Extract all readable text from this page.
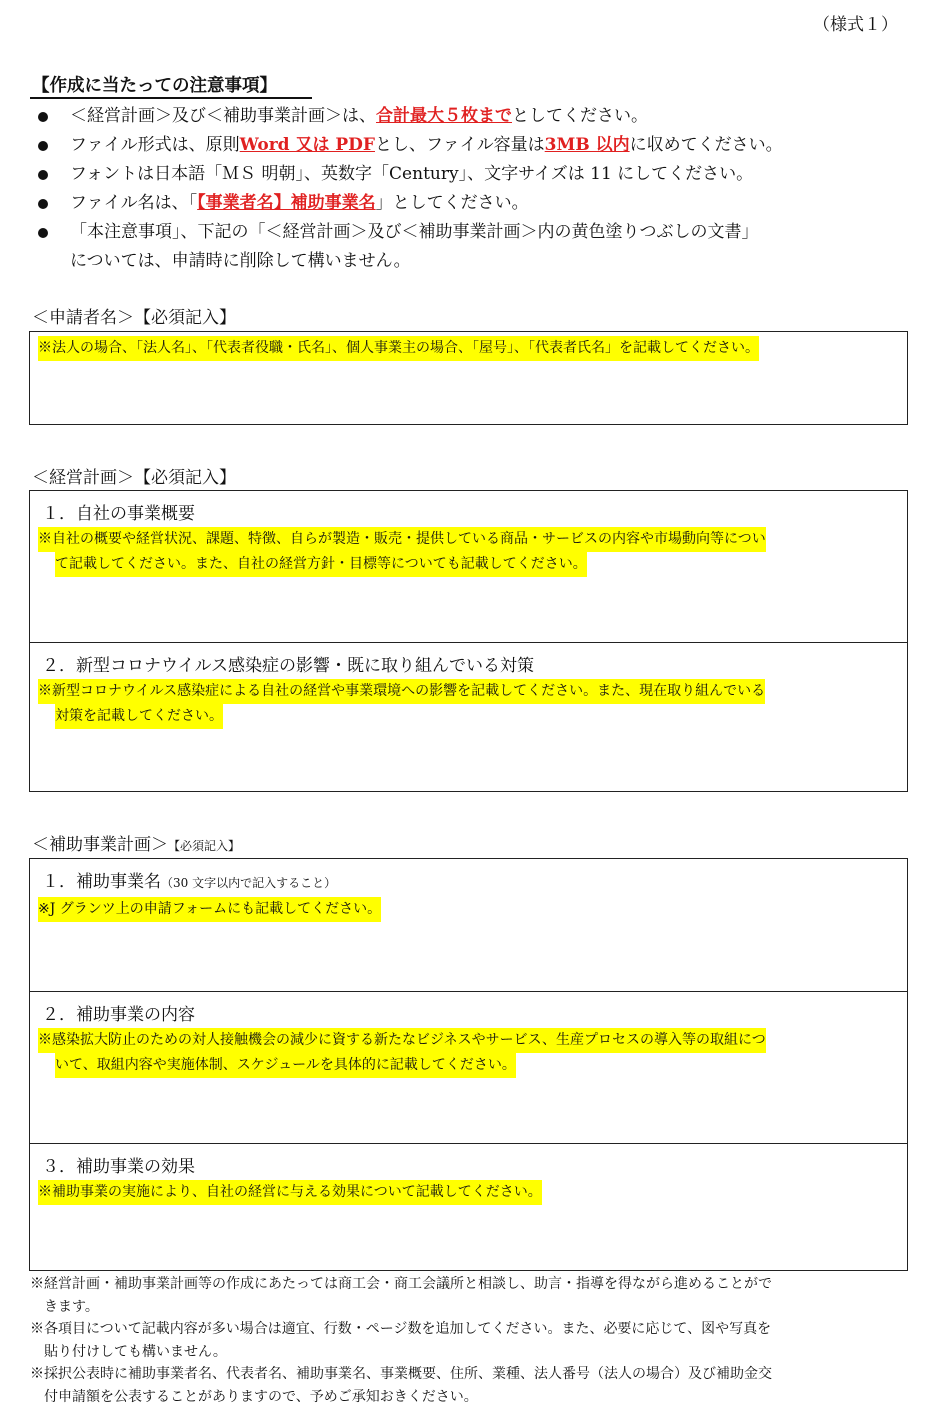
（様式１）
【作成に当たっての注意事項】
＜経営計画＞及び＜補助事業計画＞は、合計最大５枚までとしてください。
ファイル形式は、原則Word 又は PDFとし、ファイル容量は3MB 以内に収めてください。
フォントは日本語「ＭＳ 明朝」、英数字「Century」、文字サイズは 11 にしてください。
ファイル名は、「【事業者名】補助事業名」としてください。
「本注意事項」、下記の「＜経営計画＞及び＜補助事業計画＞内の黄色塗りつぶしの文書」
については、申請時に削除して構いません。
＜申請者名＞【必須記入】
※法人の場合、「法人名」、「代表者役職・氏名」、個人事業主の場合、「屋号」、「代表者氏名」を記載してください。
＜経営計画＞【必須記入】
１．自社の事業概要
※自社の概要や経営状況、課題、特徴、自らが製造・販売・提供している商品・サービスの内容や市場動向等につい
て記載してください。また、自社の経営方針・目標等についても記載してください。
２．新型コロナウイルス感染症の影響・既に取り組んでいる対策
※新型コロナウイルス感染症による自社の経営や事業環境への影響を記載してください。また、現在取り組んでいる
対策を記載してください。
＜補助事業計画＞【必須記入】
１．補助事業名（30 文字以内で記入すること）
※J グランツ上の申請フォームにも記載してください。
２．補助事業の内容
※感染拡大防止のための対人接触機会の減少に資する新たなビジネスやサービス、生産プロセスの導入等の取組につ
いて、取組内容や実施体制、スケジュールを具体的に記載してください。
３．補助事業の効果
※補助事業の実施により、自社の経営に与える効果について記載してください。

※経営計画・補助事業計画等の作成にあたっては商工会・商工会議所と相談し、助言・指導を得ながら進めることがで
きます。

※各項目について記載内容が多い場合は適宜、行数・ページ数を追加してください。また、必要に応じて、図や写真を
貼り付けしても構いません。

※採択公表時に補助事業者名、代表者名、補助事業名、事業概要、住所、業種、法人番号（法人の場合）及び補助金交
付申請額を公表することがありますので、予めご承知おきください。
